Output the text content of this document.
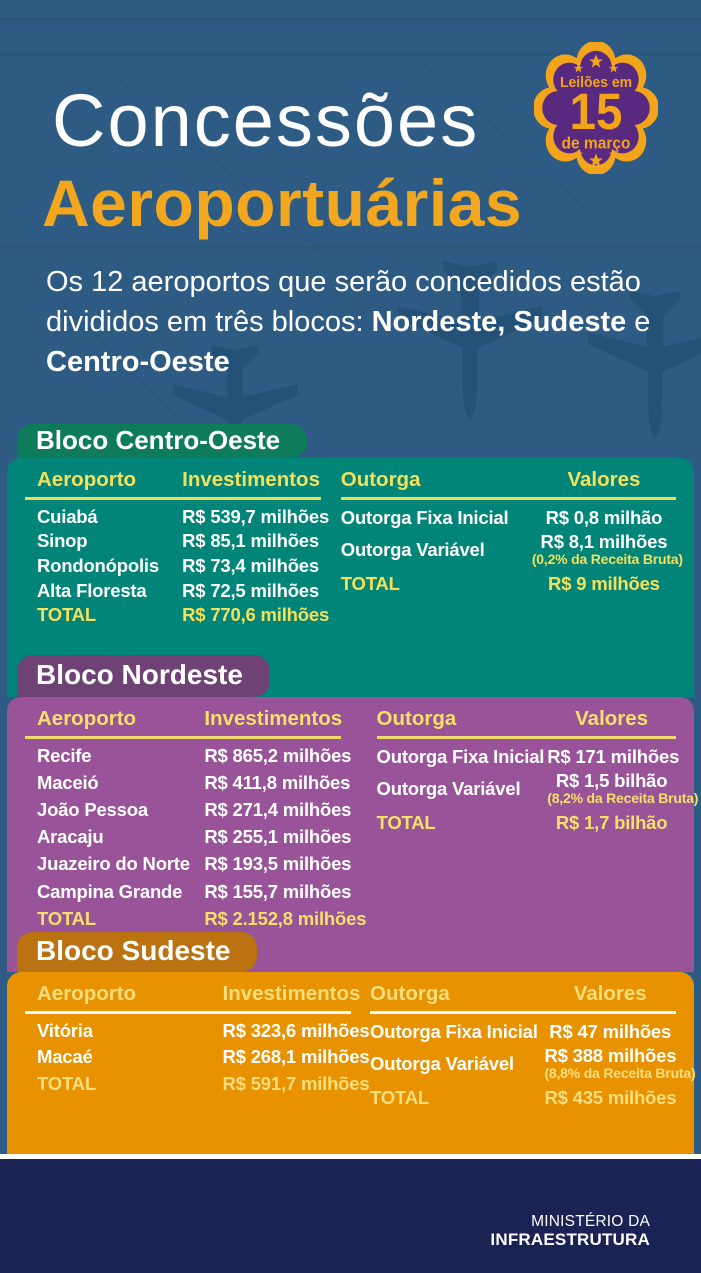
Concessões
Aeroportuárias

Os 12 aeroportos que serão concedidos estão divididos em três blocos: Nordeste, Sudeste e Centro-Oeste

Leilões em
15
de março
Bloco Centro-Oeste
Aeroporto	Investimentos
Cuiabá	R$ 539,7 milhões
Sinop	R$ 85,1 milhões
Rondonópolis	R$ 73,4 milhões
Alta Floresta	R$ 72,5 milhões
TOTAL	R$ 770,6 milhões
Outorga	Valores
Outorga Fixa Inicial	R$ 0,8 milhão
Outorga Variável	R$ 8,1 milhões
(0,2% da Receita Bruta)
TOTAL	R$ 9 milhões
Bloco Nordeste
Aeroporto	Investimentos
Recife	R$ 865,2 milhões
Maceió	R$ 411,8 milhões
João Pessoa	R$ 271,4 milhões
Aracaju	R$ 255,1 milhões
Juazeiro do Norte R$ 193,5 milhões
Campina Grande	R$ 155,7 milhões
TOTAL	R$ 2.152,8 milhões
Outorga	Valores
Outorga Fixa Inicial R$ 171 milhões
Outorga Variável	R$ 1,5 bilhão
(8,2% da Receita Bruta)
TOTAL	R$ 1,7 bilhão
Bloco Sudeste
Aeroporto	Investimentos
Vitória	R$ 323,6 milhões
Macaé	R$ 268,1 milhões
TOTAL	R$ 591,7 milhões
Outorga	Valores
Outorga Fixa Inicial R$ 47 milhões
Outorga Variável	R$ 388 milhões
(8,8% da Receita Bruta)
TOTAL	R$ 435 milhões
MINISTÉRIO DA
INFRAESTRUTURA
